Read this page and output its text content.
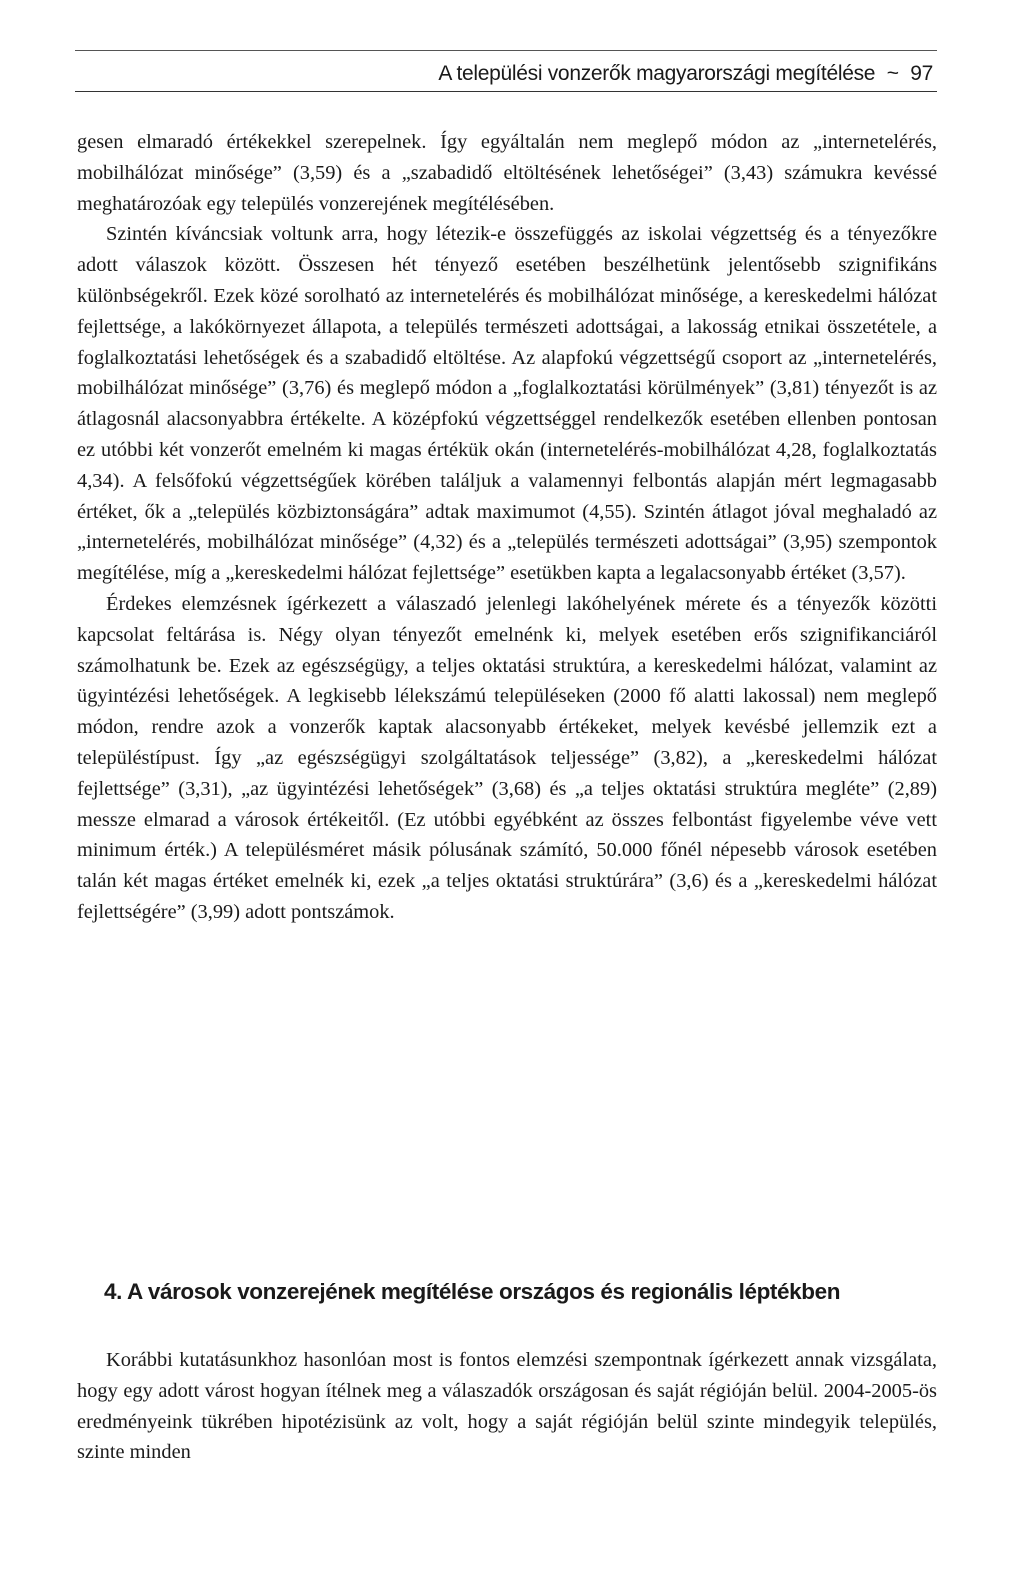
A települési vonzerők magyarországi megítélése ~ 97

gesen elmaradó értékekkel szerepelnek. Így egyáltalán nem meglepő módon az „internetelérés, mobilhálózat minősége” (3,59) és a „szabadidő eltöltésének lehetőségei” (3,43) számukra kevéssé meghatározóak egy település vonzerejének megítélésében.

Szintén kíváncsiak voltunk arra, hogy létezik-e összefüggés az iskolai végzettség és a tényezőkre adott válaszok között. Összesen hét tényező esetében beszélhetünk jelentősebb szignifikáns különbségekről. Ezek közé sorolható az internetelérés és mobilhálózat minősége, a kereskedelmi hálózat fejlettsége, a lakókörnyezet állapota, a település természeti adottságai, a lakosság etnikai összetétele, a foglalkoztatási lehetőségek és a szabadidő eltöltése. Az alapfokú végzettségű csoport az „internetelérés, mobilhálózat minősége” (3,76) és meglepő módon a „foglalkoztatási körülmények” (3,81) tényezőt is az átlagosnál alacsonyabbra értékelte. A középfokú végzettséggel rendelkezők esetében ellenben pontosan ez utóbbi két vonzerőt emelném ki magas értékük okán (internetelérés-mobilhálózat 4,28, foglalkoztatás 4,34). A felsőfokú végzettségűek körében találjuk a valamennyi felbontás alapján mért legmagasabb értéket, ők a „település közbiztonságára” adtak maximumot (4,55). Szintén átlagot jóval meghaladó az „internetelérés, mobilhálózat minősége” (4,32) és a „település természeti adottságai” (3,95) szempontok megítélése, míg a „kereskedelmi hálózat fejlettsége” esetükben kapta a legalacsonyabb értéket (3,57).

Érdekes elemzésnek ígérkezett a válaszadó jelenlegi lakóhelyének mérete és a tényezők közötti kapcsolat feltárása is. Négy olyan tényezőt emelnénk ki, melyek esetében erős szignifikanciáról számolhatunk be. Ezek az egészségügy, a teljes oktatási struktúra, a kereskedelmi hálózat, valamint az ügyintézési lehetőségek. A legkisebb lélekszámú településeken (2000 fő alatti lakossal) nem meglepő módon, rendre azok a vonzerők kaptak alacsonyabb értékeket, melyek kevésbé jellemzik ezt a településtípust. Így „az egészségügyi szolgáltatások teljessége” (3,82), a „kereskedelmi hálózat fejlettsége” (3,31), „az ügyintézési lehetőségek” (3,68) és „a teljes oktatási struktúra megléte” (2,89) messze elmarad a városok értékeitől. (Ez utóbbi egyébként az összes felbontást figyelembe véve vett minimum érték.) A településméret másik pólusának számító, 50.000 főnél népesebb városok esetében talán két magas értéket emelnék ki, ezek „a teljes oktatási struktúrára” (3,6) és a „kereskedelmi hálózat fejlettségére” (3,99) adott pontszámok.

4. A városok vonzerejének megítélése országos és regionális léptékben

Korábbi kutatásunkhoz hasonlóan most is fontos elemzési szempontnak ígérkezett annak vizsgálata, hogy egy adott várost hogyan ítélnek meg a válaszadók országosan és saját régióján belül. 2004-2005-ös eredményeink tükrében hipotézisünk az volt, hogy a saját régióján belül szinte mindegyik település, szinte minden
